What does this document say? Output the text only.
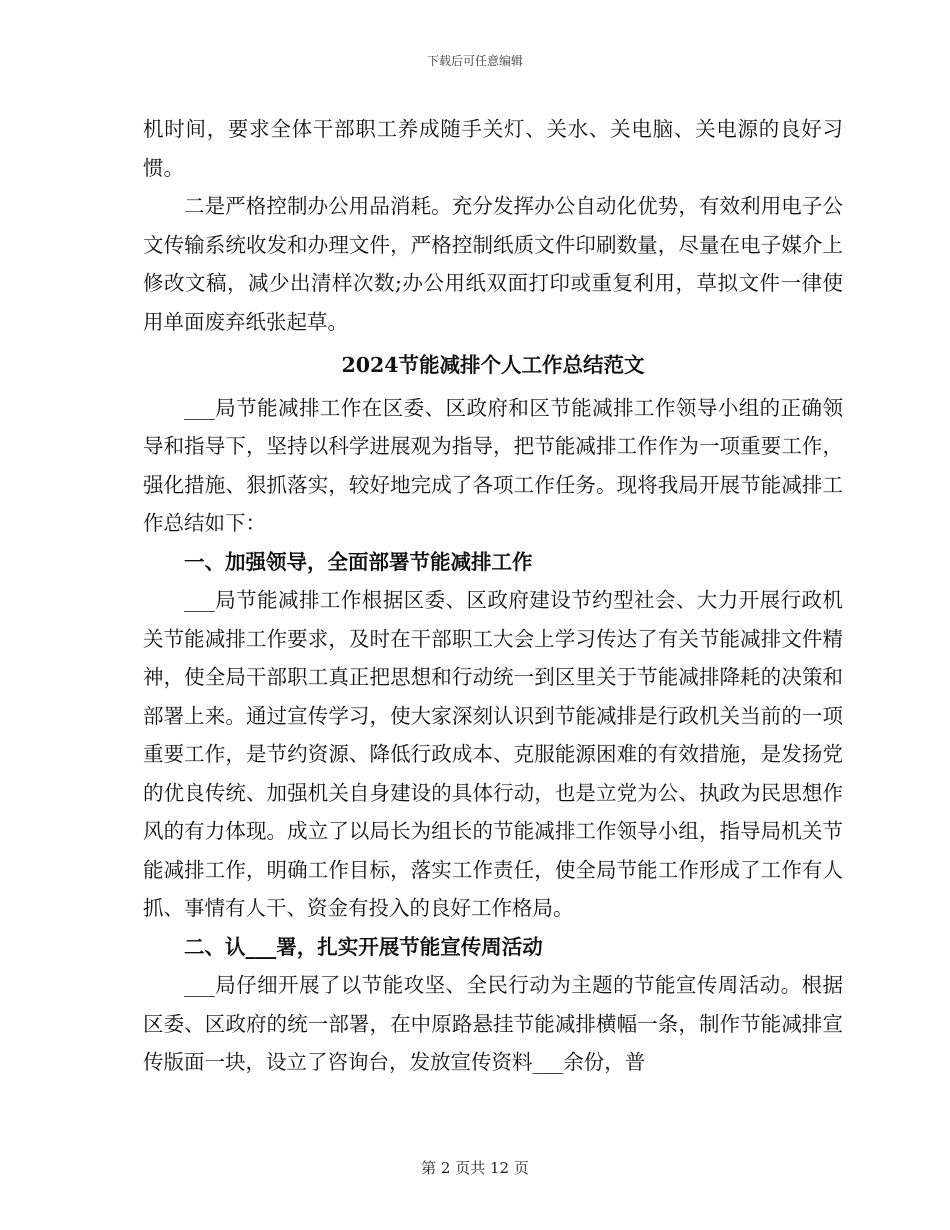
下载后可任意编辑

机时间，要求全体干部职工养成随手关灯、关水、关电脑、关电源的良好习惯。

二是严格控制办公用品消耗。充分发挥办公自动化优势，有效利用电子公文传输系统收发和办理文件，严格控制纸质文件印刷数量，尽量在电子媒介上修改文稿，减少出清样次数;办公用纸双面打印或重复利用，草拟文件一律使用单面废弃纸张起草。

2024节能减排个人工作总结范文

___局节能减排工作在区委、区政府和区节能减排工作领导小组的正确领导和指导下，坚持以科学进展观为指导，把节能减排工作作为一项重要工作，强化措施、狠抓落实，较好地完成了各项工作任务。现将我局开展节能减排工作总结如下：

一、加强领导，全面部署节能减排工作

___局节能减排工作根据区委、区政府建设节约型社会、大力开展行政机关节能减排工作要求，及时在干部职工大会上学习传达了有关节能减排文件精神，使全局干部职工真正把思想和行动统一到区里关于节能减排降耗的决策和部署上来。通过宣传学习，使大家深刻认识到节能减排是行政机关当前的一项重要工作，是节约资源、降低行政成本、克服能源困难的有效措施，是发扬党的优良传统、加强机关自身建设的具体行动，也是立党为公、执政为民思想作风的有力体现。成立了以局长为组长的节能减排工作领导小组，指导局机关节能减排工作，明确工作目标，落实工作责任，使全局节能工作形成了工作有人抓、事情有人干、资金有投入的良好工作格局。

二、认___署，扎实开展节能宣传周活动

___局仔细开展了以节能攻坚、全民行动为主题的节能宣传周活动。根据区委、区政府的统一部署，在中原路悬挂节能减排横幅一条，制作节能减排宣传版面一块，设立了咨询台，发放宣传资料___余份，普

第 2 页共 12 页
